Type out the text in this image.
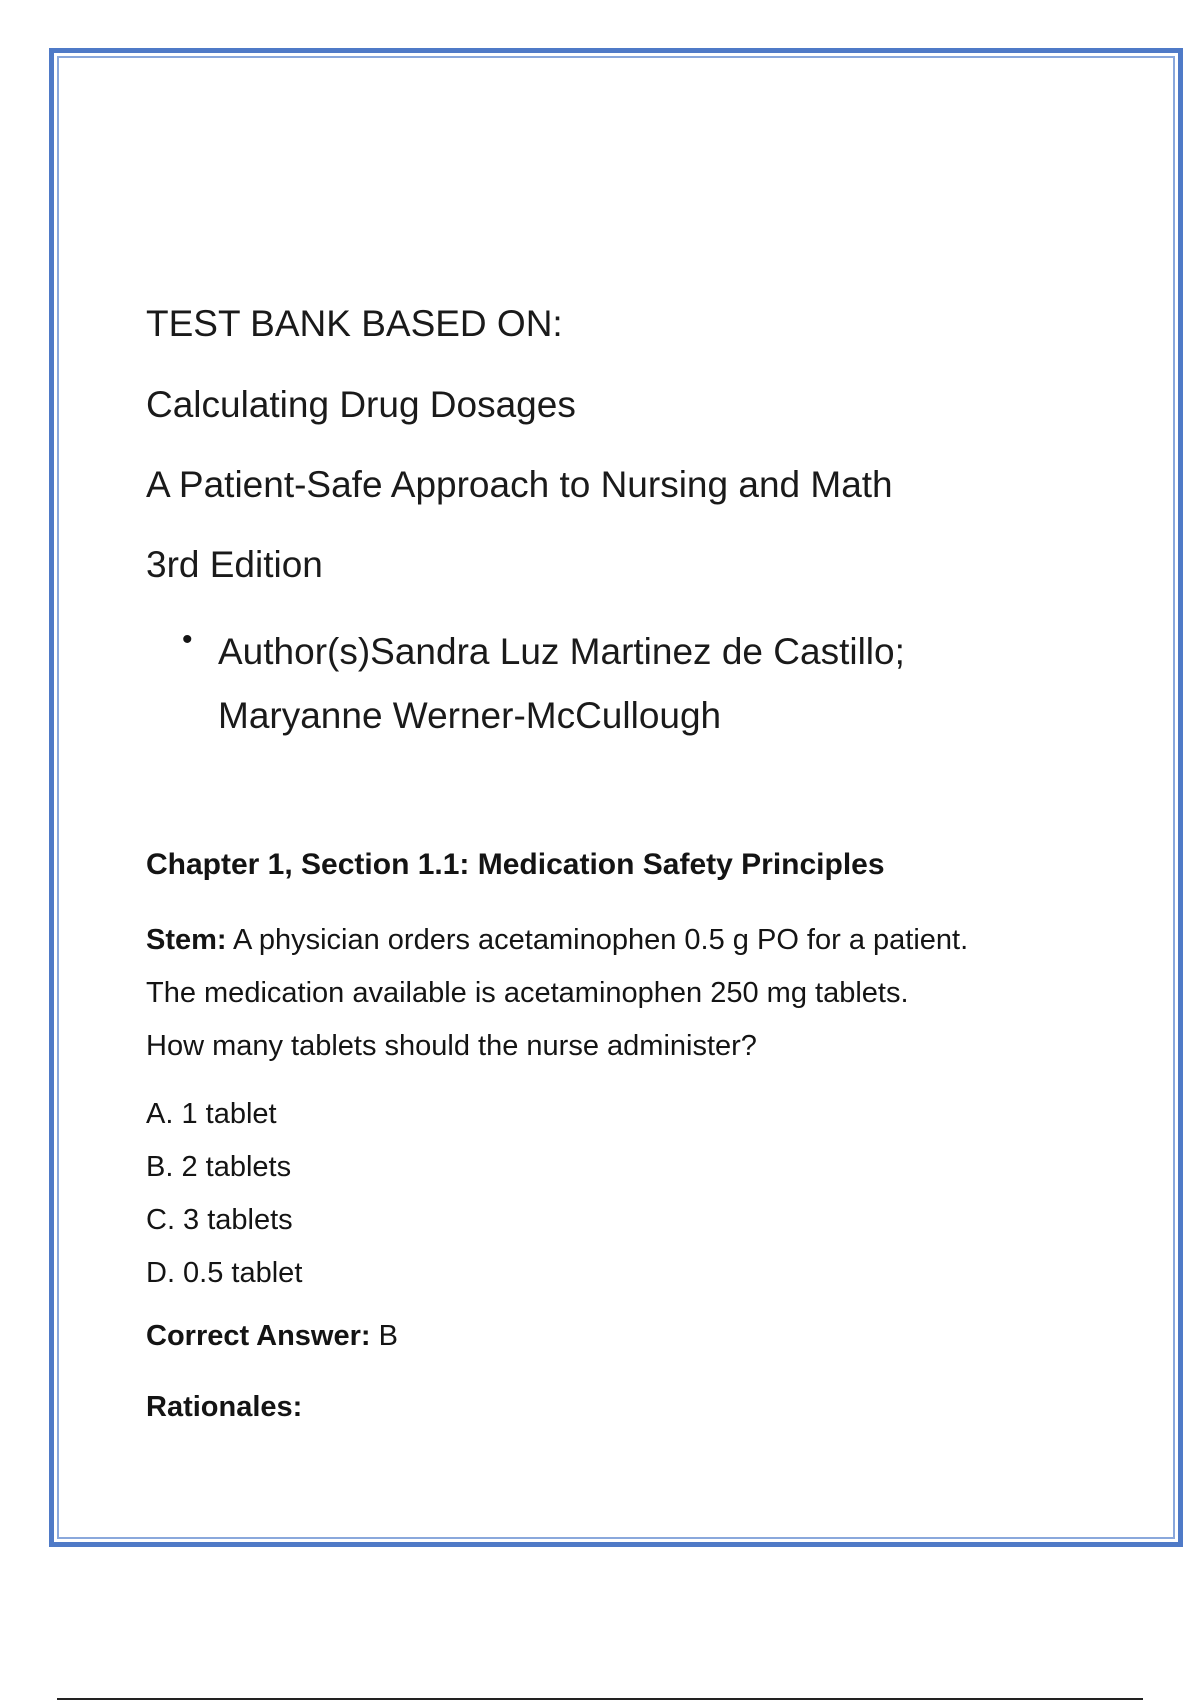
TEST BANK BASED ON:
Calculating Drug Dosages
A Patient-Safe Approach to Nursing and Math
3rd Edition
• Author(s)Sandra Luz Martinez de Castillo;
Maryanne Werner-McCullough
Chapter 1, Section 1.1: Medication Safety Principles
Stem: A physician orders acetaminophen 0.5 g PO for a patient.
The medication available is acetaminophen 250 mg tablets.
How many tablets should the nurse administer?
A. 1 tablet
B. 2 tablets
C. 3 tablets
D. 0.5 tablet
Correct Answer: B
Rationales:
